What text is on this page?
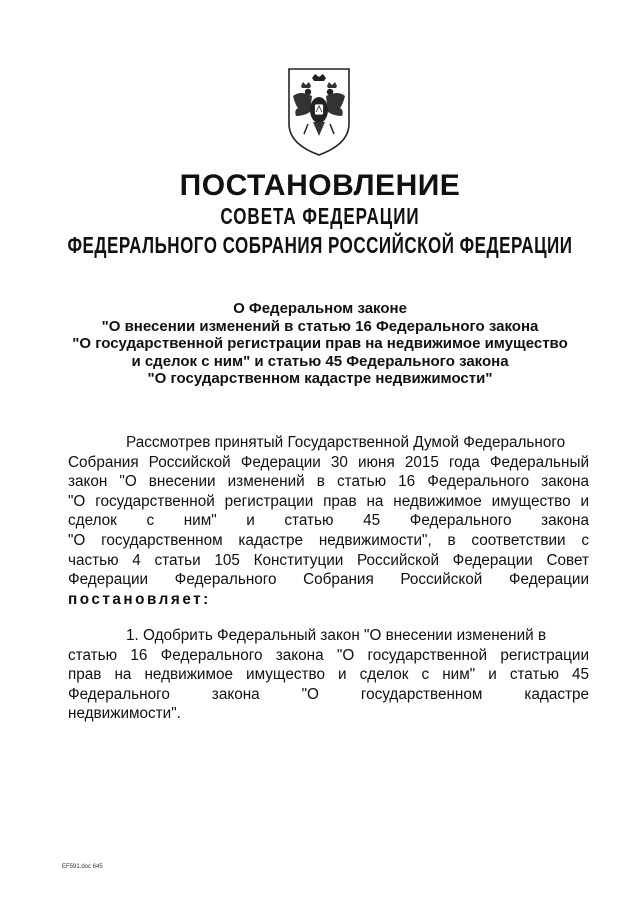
ПОСТАНОВЛЕНИЕ
СОВЕТА ФЕДЕРАЦИИ
ФЕДЕРАЛЬНОГО СОБРАНИЯ РОССИЙСКОЙ ФЕДЕРАЦИИ
О Федеральном законе
"О внесении изменений в статью 16 Федерального закона
"О государственной регистрации прав на недвижимое имущество
и сделок с ним" и статью 45 Федерального закона
"О государственном кадастре недвижимости"
Рассмотрев принятый Государственной Думой Федерального
Собрания Российской Федерации 30 июня 2015 года Федеральный
закон "О внесении изменений в статью 16 Федерального закона
"О государственной регистрации прав на недвижимое имущество и
сделок с ним" и статью 45 Федерального закона
"О государственном кадастре недвижимости", в соответствии с
частью 4 статьи 105 Конституции Российской Федерации Совет
Федерации Федерального Собрания Российской Федерации
постановляет:
1. Одобрить Федеральный закон "О внесении изменений в
статью 16 Федерального закона "О государственной регистрации
прав на недвижимое имущество и сделок с ним" и статью 45
Федерального закона "О государственном кадастре
недвижимости".
EF591.doc 645
